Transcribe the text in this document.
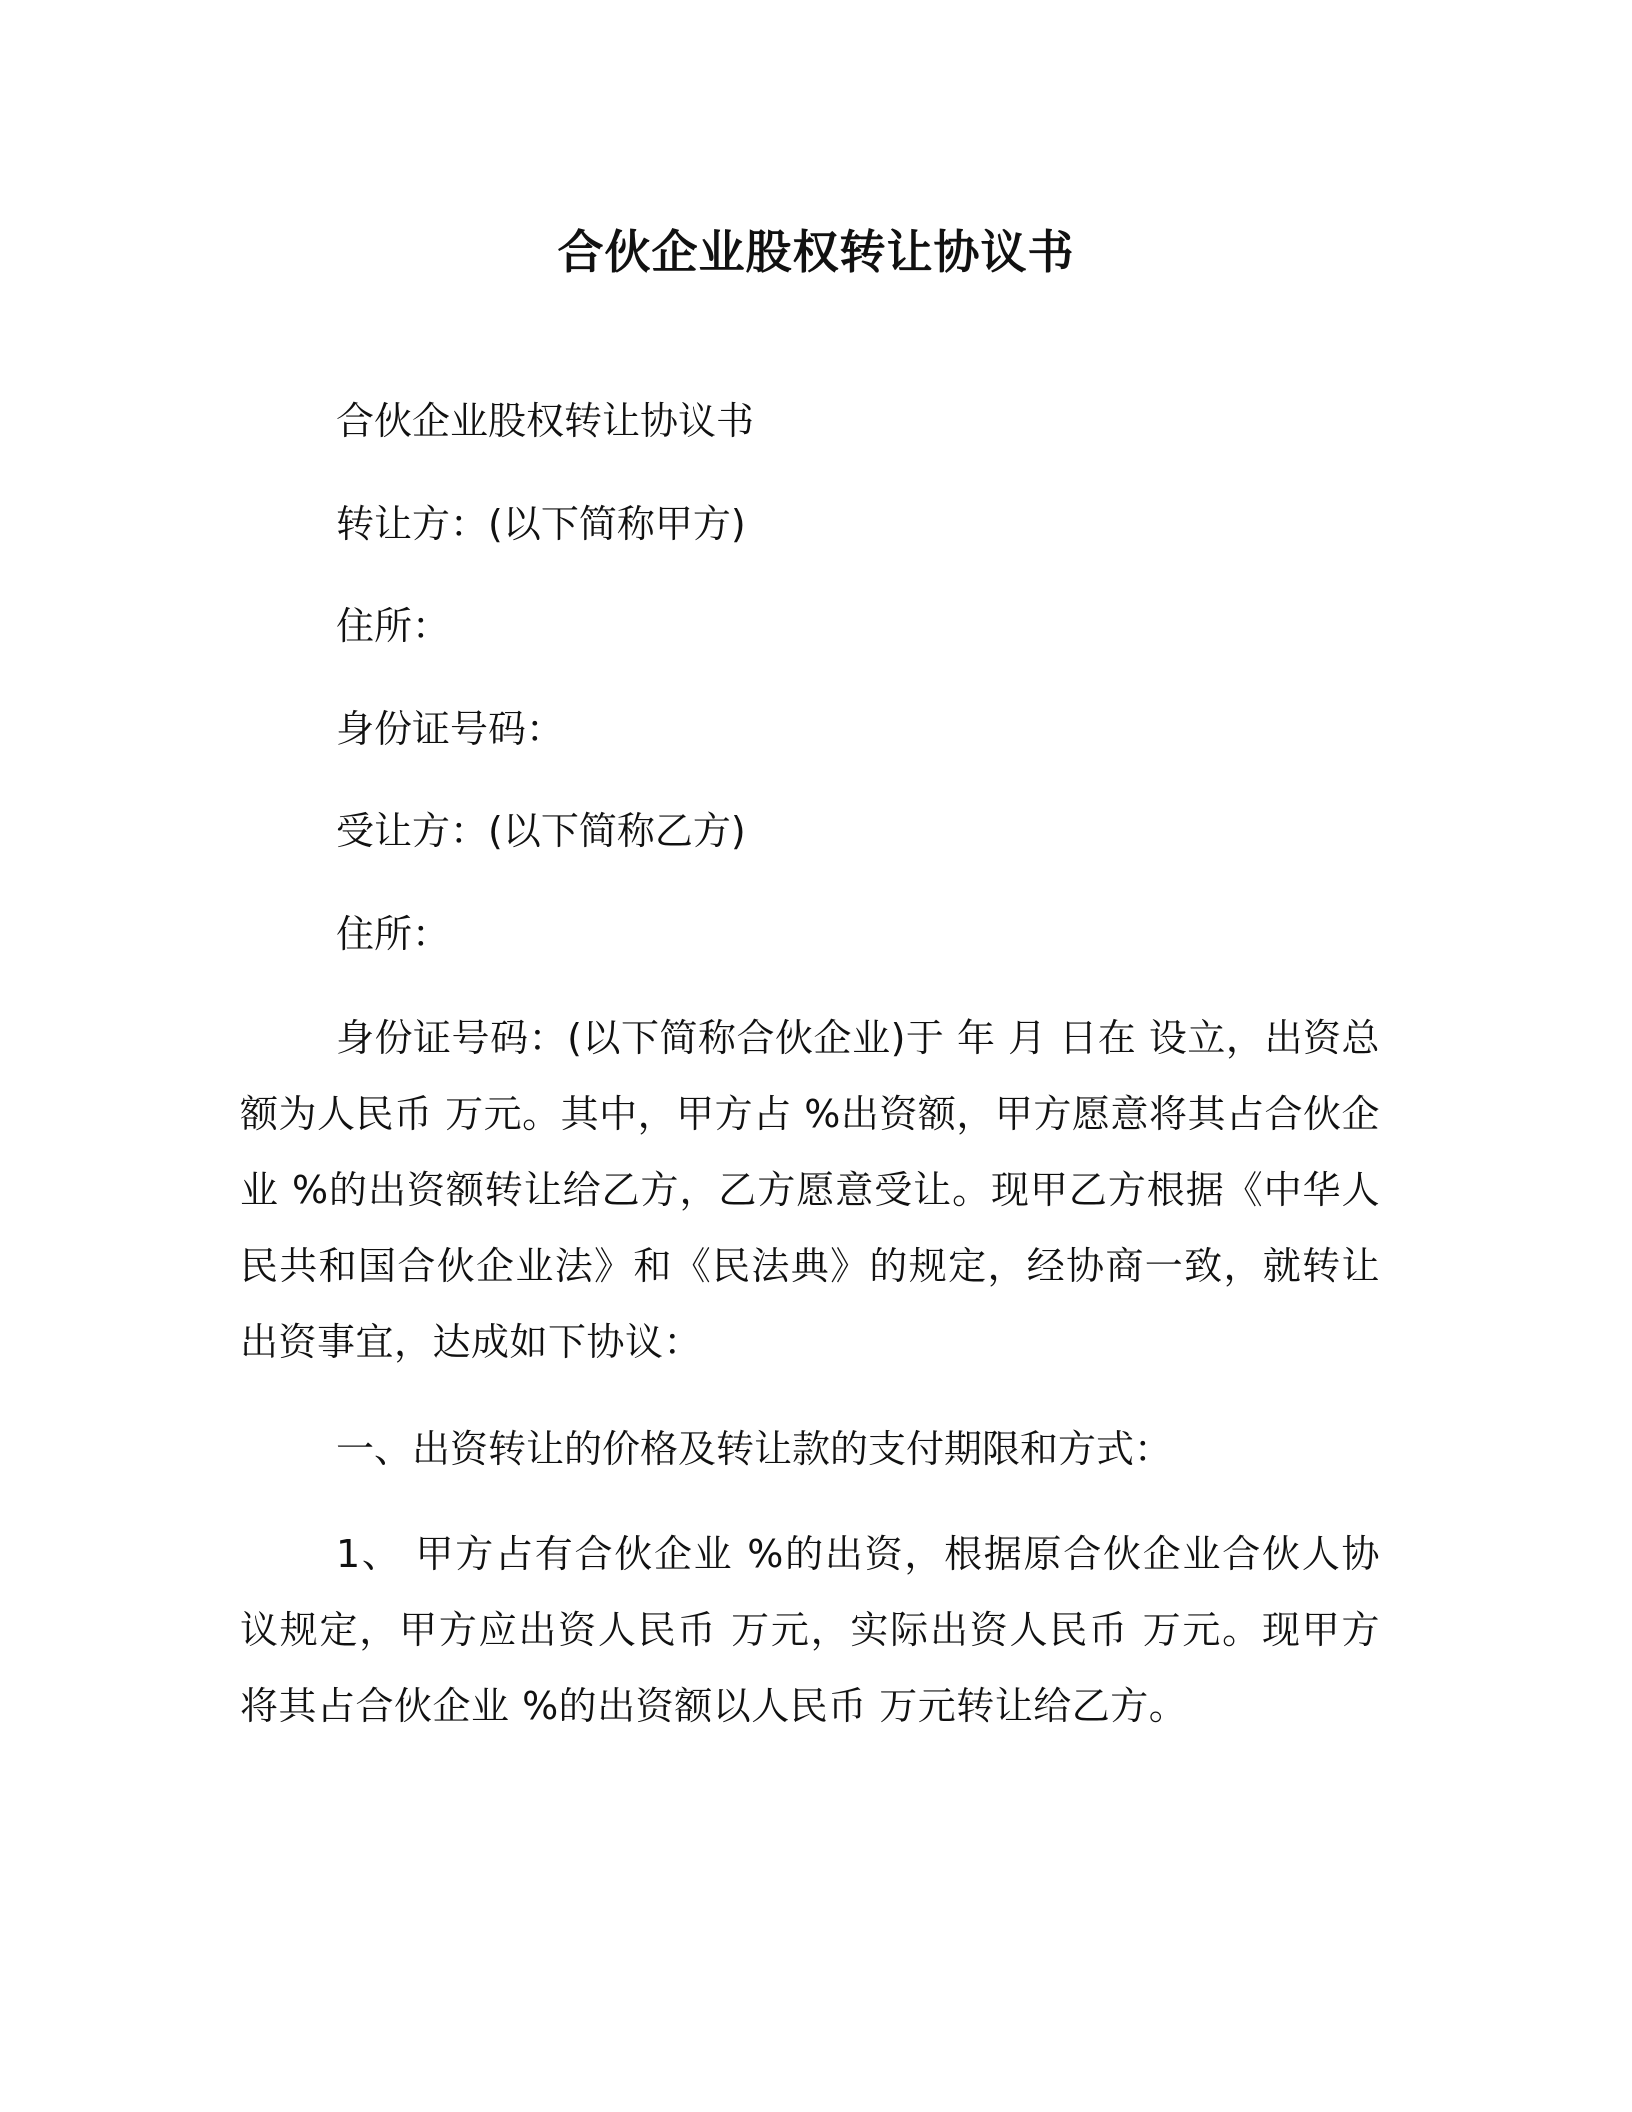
合伙企业股权转让协议书
合伙企业股权转让协议书
转让方：(以下简称甲方)
住所：
身份证号码：
受让方：(以下简称乙方)
住所：
身份证号码：(以下简称合伙企业)于 年 月 日在 设立，出资总额为人民币 万元。其中，甲方占 %出资额，甲方愿意将其占合伙企业 %的出资额转让给乙方，乙方愿意受让。现甲乙方根据《中华人民共和国合伙企业法》和《民法典》的规定，经协商一致，就转让出资事宜，达成如下协议：
一、出资转让的价格及转让款的支付期限和方式：
1、 甲方占有合伙企业 %的出资，根据原合伙企业合伙人协议规定，甲方应出资人民币 万元，实际出资人民币 万元。现甲方将其占合伙企业 %的出资额以人民币 万元转让给乙方。
